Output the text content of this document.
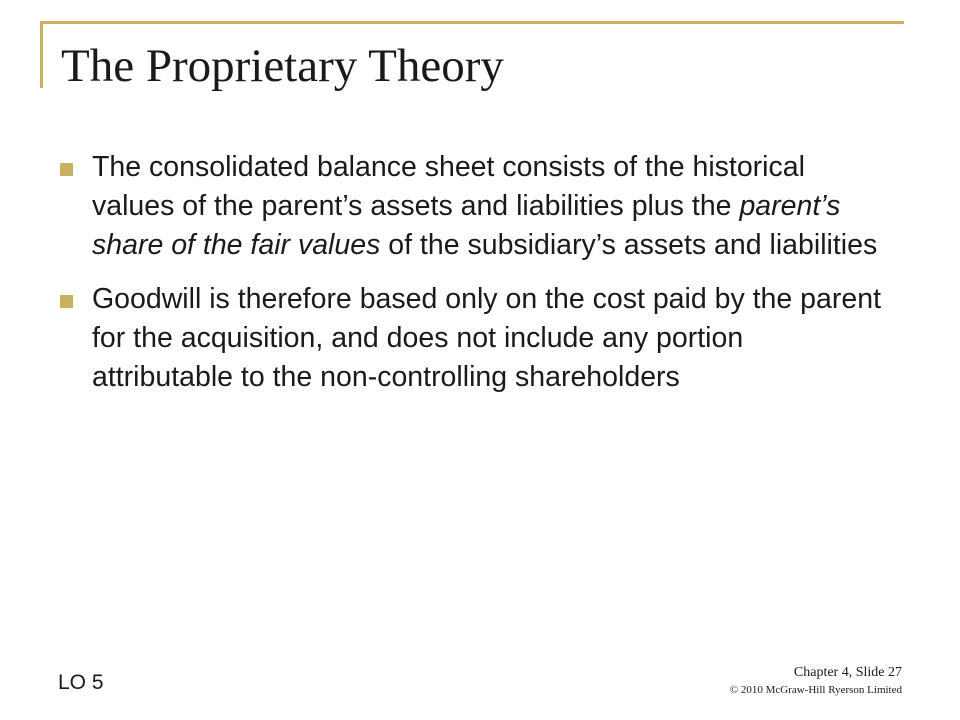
The Proprietary Theory
The consolidated balance sheet consists of the historical values of the parent’s assets and liabilities plus the parent’s share of the fair values of the subsidiary’s assets and liabilities
Goodwill is therefore based only on the cost paid by the parent for the acquisition, and does not include any portion attributable to the non-controlling shareholders
LO 5	Chapter 4, Slide 27
© 2010 McGraw-Hill Ryerson Limited
